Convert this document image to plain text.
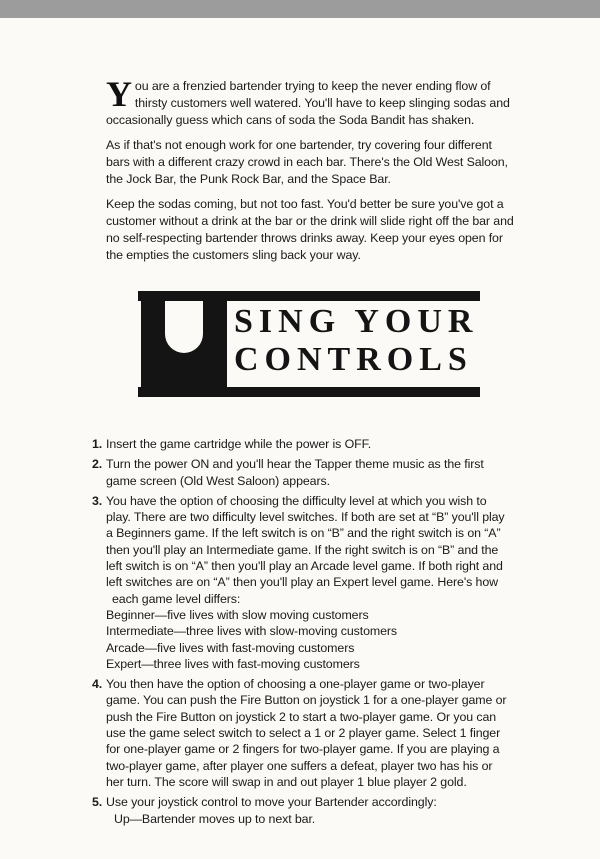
You are a frenzied bartender trying to keep the never ending flow of thirsty customers well watered. You'll have to keep slinging sodas and occasionally guess which cans of soda the Soda Bandit has shaken.

As if that's not enough work for one bartender, try covering four different bars with a different crazy crowd in each bar. There's the Old West Saloon, the Jock Bar, the Punk Rock Bar, and the Space Bar.

Keep the sodas coming, but not too fast. You'd better be sure you've got a customer without a drink at the bar or the drink will slide right off the bar and no self-respecting bartender throws drinks away. Keep your eyes open for the empties the customers sling back your way.

SING YOUR
CONTROLS
1. Insert the game cartridge while the power is OFF.
2. Turn the power ON and you'll hear the Tapper theme music as the first game screen (Old West Saloon) appears.
3. You have the option of choosing the difficulty level at which you wish to play. There are two difficulty level switches. If both are set at “B” you'll play a Beginners game. If the left switch is on “B” and the right switch is on “A” then you'll play an Intermediate game. If the right switch is on “B” and the left switch is on “A” then you'll play an Arcade level game. If both right and left switches are on “A” then you'll play an Expert level game. Here's how
each game level differs:
Beginner—five lives with slow moving customers
Intermediate—three lives with slow-moving customers
Arcade—five lives with fast-moving customers
Expert—three lives with fast-moving customers
4. You then have the option of choosing a one-player game or two-player game. You can push the Fire Button on joystick 1 for a one-player game or push the Fire Button on joystick 2 to start a two-player game. Or you can use the game select switch to select a 1 or 2 player game. Select 1 finger for one-player game or 2 fingers for two-player game. If you are playing a two-player game, after player one suffers a defeat, player two has his or her turn. The score will swap in and out player 1 blue player 2 gold.
5. Use your joystick control to move your Bartender accordingly:
Up—Bartender moves up to next bar.
